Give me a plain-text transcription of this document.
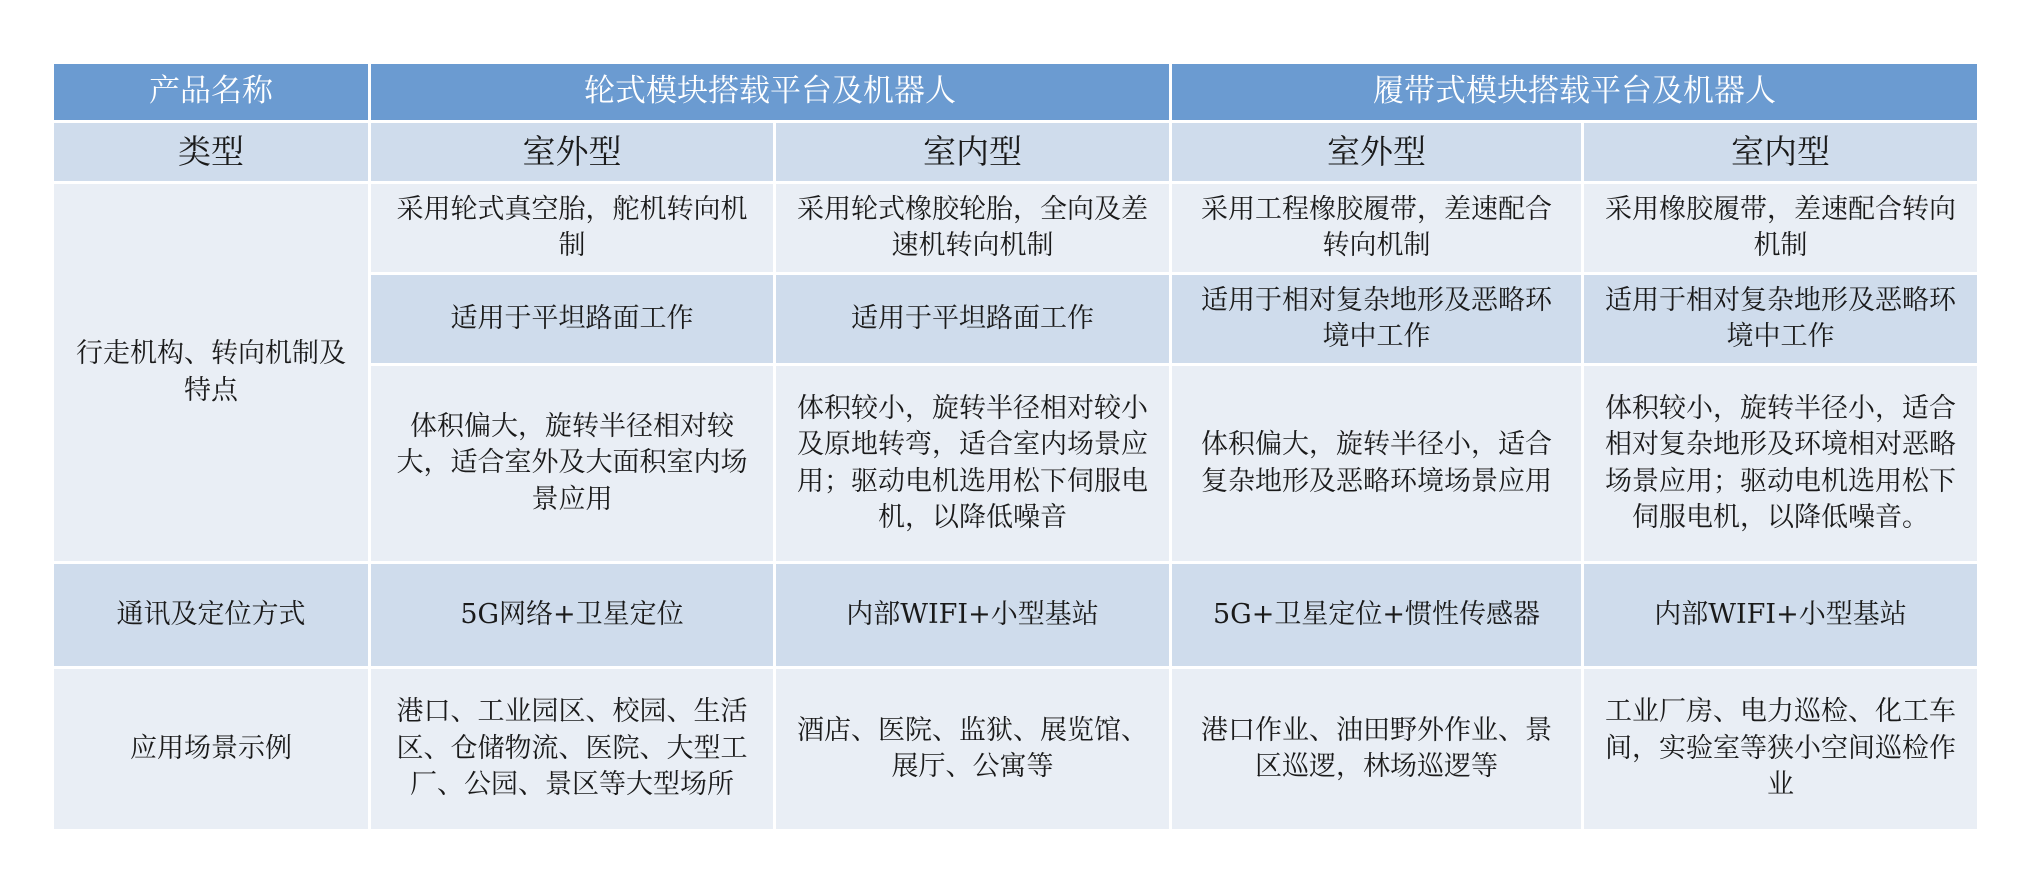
产品名称	轮式模块搭载平台及机器人		履带式模块搭载平台及机器人	
类型	室外型	室内型	室外型	室内型
行走机构、转向机制及特点	采用轮式真空胎，舵机转向机制	采用轮式橡胶轮胎，全向及差速机转向机制	采用工程橡胶履带，差速配合转向机制	采用橡胶履带，差速配合转向机制
	适用于平坦路面工作	适用于平坦路面工作	适用于相对复杂地形及恶略环境中工作	适用于相对复杂地形及恶略环境中工作
	体积偏大，旋转半径相对较大，适合室外及大面积室内场景应用	体积较小，旋转半径相对较小及原地转弯，适合室内场景应用；驱动电机选用松下伺服电机，以降低噪音	体积偏大，旋转半径小，适合复杂地形及恶略环境场景应用	体积较小，旋转半径小，适合相对复杂地形及环境相对恶略场景应用；驱动电机选用松下伺服电机，以降低噪音。
通讯及定位方式	5G网络+卫星定位	内部WIFI+小型基站	5G+卫星定位+惯性传感器	内部WIFI+小型基站
应用场景示例	港口、工业园区、校园、生活区、仓储物流、医院、大型工厂、公园、景区等大型场所	酒店、医院、监狱、展览馆、展厅、公寓等	港口作业、油田野外作业、景区巡逻，林场巡逻等	工业厂房、电力巡检、化工车间，实验室等狭小空间巡检作业
